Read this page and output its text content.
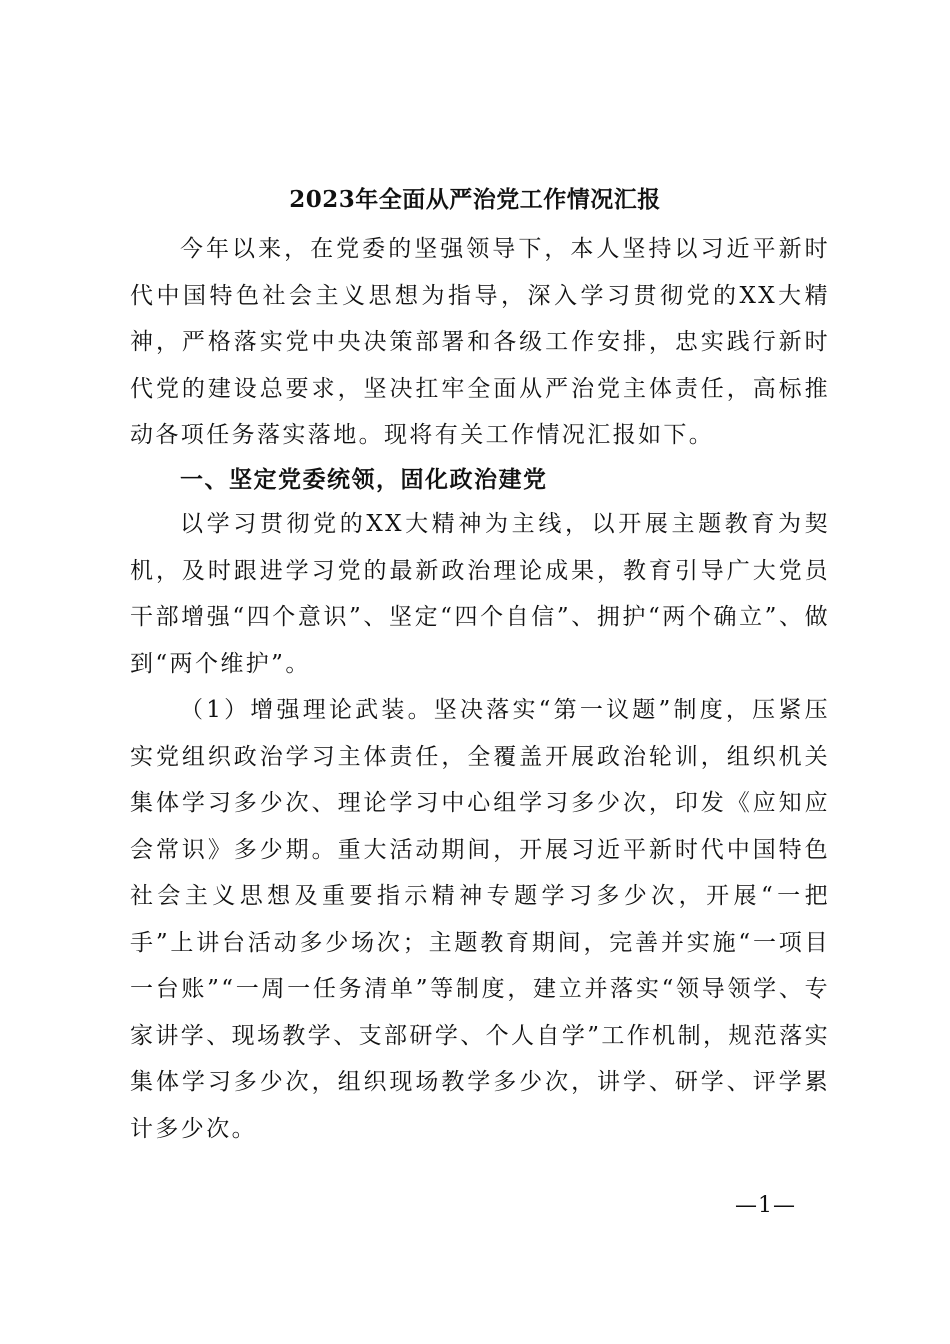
2023年全面从严治党工作情况汇报
今年以来，在党委的坚强领导下，本人坚持以习近平新时代中国特色社会主义思想为指导，深入学习贯彻党的XX大精神，严格落实党中央决策部署和各级工作安排，忠实践行新时代党的建设总要求，坚决扛牢全面从严治党主体责任，高标推动各项任务落实落地。现将有关工作情况汇报如下。
一、坚定党委统领，固化政治建党
以学习贯彻党的XX大精神为主线，以开展主题教育为契机，及时跟进学习党的最新政治理论成果，教育引导广大党员干部增强“四个意识”、坚定“四个自信”、拥护“两个确立”、做到“两个维护”。
（1）增强理论武装。坚决落实“第一议题”制度，压紧压实党组织政治学习主体责任，全覆盖开展政治轮训，组织机关集体学习多少次、理论学习中心组学习多少次，印发《应知应会常识》多少期。重大活动期间，开展习近平新时代中国特色社会主义思想及重要指示精神专题学习多少次，开展“一把手”上讲台活动多少场次；主题教育期间，完善并实施“一项目一台账”“一周一任务清单”等制度，建立并落实“领导领学、专家讲学、现场教学、支部研学、个人自学”工作机制，规范落实集体学习多少次，组织现场教学多少次，讲学、研学、评学累计多少次。
—1—
